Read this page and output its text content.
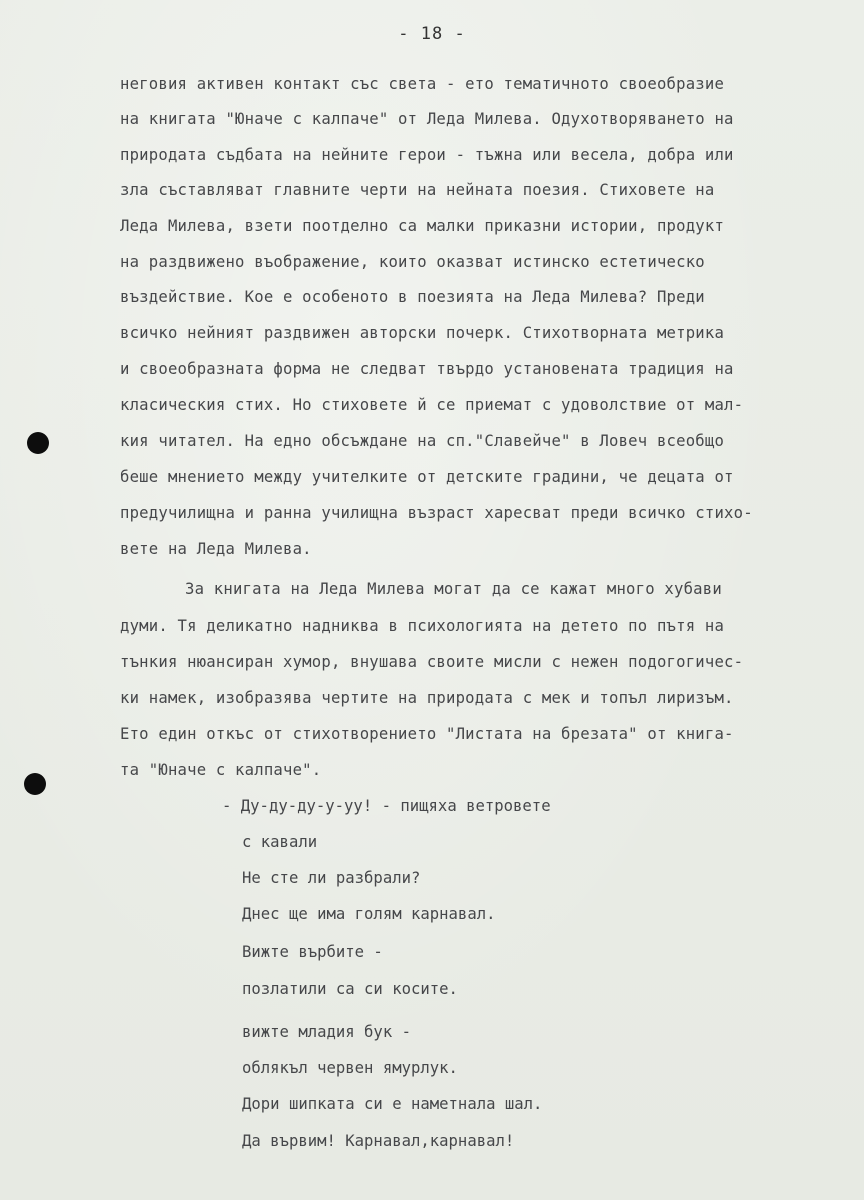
- 18 -
неговия активен контакт със света - ето тематичното своеобразие
на книгата "Юначе с калпаче" от Леда Милева. Одухотворяването на
природата съдбата на нейните герои - тъжна или весела, добра или
зла съставляват главните черти на нейната поезия. Стиховете на
Леда Милева, взети поотделно са малки приказни истории, продукт
на раздвижено въображение, които оказват истинско естетическо
въздействие. Кое е особеното в поезията на Леда Милева? Преди
всичко нейният раздвижен авторски почерк. Стихотворната метрика
и своеобразната форма не следват твърдо установената традиция на
класическия стих. Но стиховете й се приемат с удоволствие от мал-
кия читател. На едно обсъждане на сп."Славейче" в Ловеч всеобщо
беше мнението между учителките от детските градини, че децата от
предучилищна и ранна училищна възраст харесват преди всичко стихо-
вете на Леда Милева.
За книгата на Леда Милева могат да се кажат много хубави
думи. Тя деликатно надниква в психологията на детето по пътя на
тънкия нюансиран хумор, внушава своите мисли с нежен подогогичес-
ки намек, изобразява чертите на природата с мек и топъл лиризъм.
Ето един откъс от стихотворението "Листата на брезата" от книга-
та "Юначе с калпаче".
- Ду-ду-ду-у-уу! - пищяха ветровете
с кавали
Не сте ли разбрали?
Днес ще има голям карнавал.
Вижте върбите -
позлатили са си косите.
вижте младия бук -
облякъл червен ямурлук.
Дори шипката си е наметнала шал.
Да вървим! Карнавал,карнавал!
